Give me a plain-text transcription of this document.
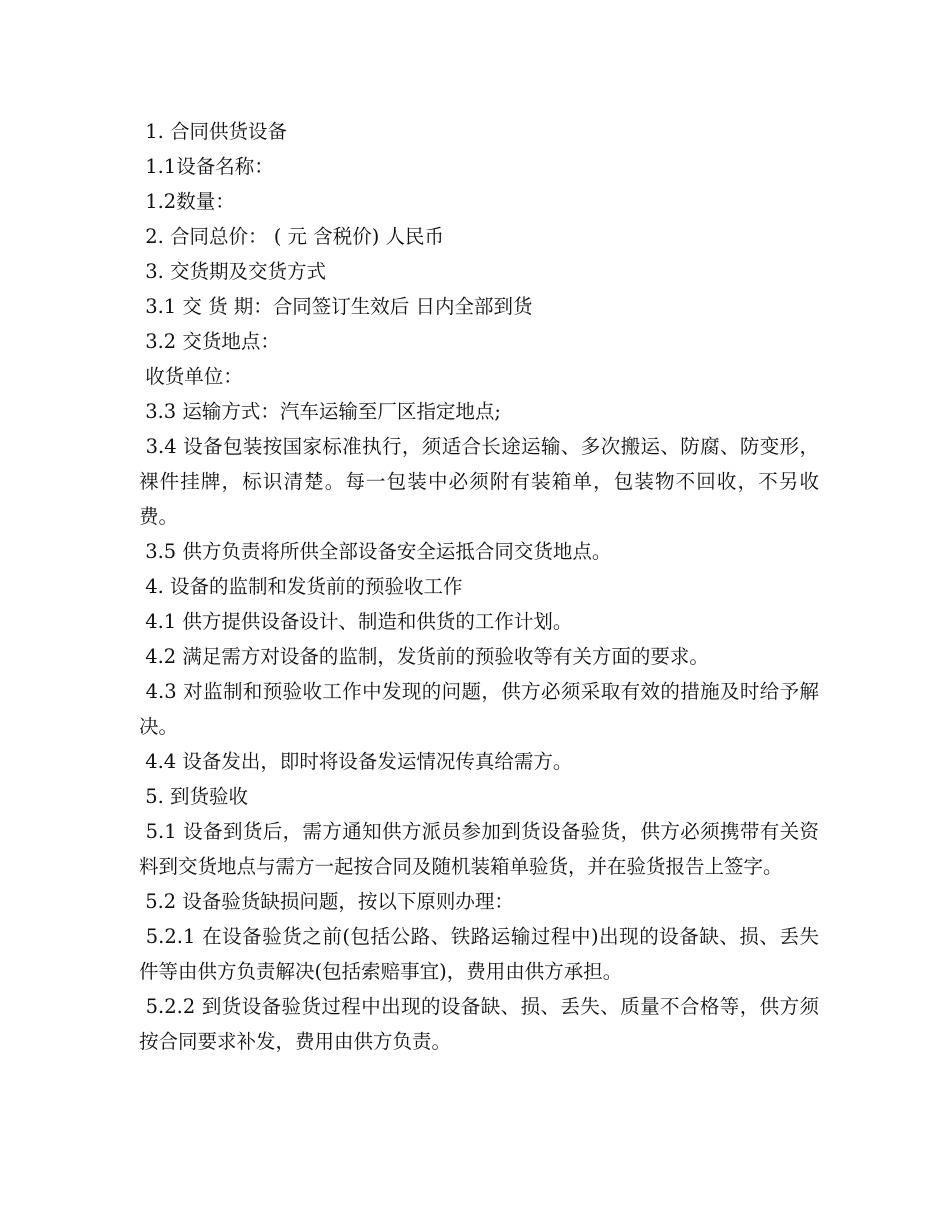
1. 合同供货设备

1.1设备名称：

1.2数量：

2. 合同总价： ( 元 含税价) 人民币

3. 交货期及交货方式

3.1 交 货 期：合同签订生效后 日内全部到货

3.2 交货地点：

收货单位：

3.3 运输方式：汽车运输至厂区指定地点;

3.4 设备包装按国家标准执行，须适合长途运输、多次搬运、防腐、防变形，裸件挂牌，标识清楚。每一包装中必须附有装箱单，包装物不回收，不另收费。

3.5 供方负责将所供全部设备安全运抵合同交货地点。

4. 设备的监制和发货前的预验收工作

4.1 供方提供设备设计、制造和供货的工作计划。

4.2 满足需方对设备的监制，发货前的预验收等有关方面的要求。

4.3 对监制和预验收工作中发现的问题，供方必须采取有效的措施及时给予解决。

4.4 设备发出，即时将设备发运情况传真给需方。

5. 到货验收

5.1 设备到货后，需方通知供方派员参加到货设备验货，供方必须携带有关资料到交货地点与需方一起按合同及随机装箱单验货，并在验货报告上签字。

5.2 设备验货缺损问题，按以下原则办理：

5.2.1 在设备验货之前(包括公路、铁路运输过程中)出现的设备缺、损、丢失件等由供方负责解决(包括索赔事宜)，费用由供方承担。

5.2.2 到货设备验货过程中出现的设备缺、损、丢失、质量不合格等，供方须按合同要求补发，费用由供方负责。
